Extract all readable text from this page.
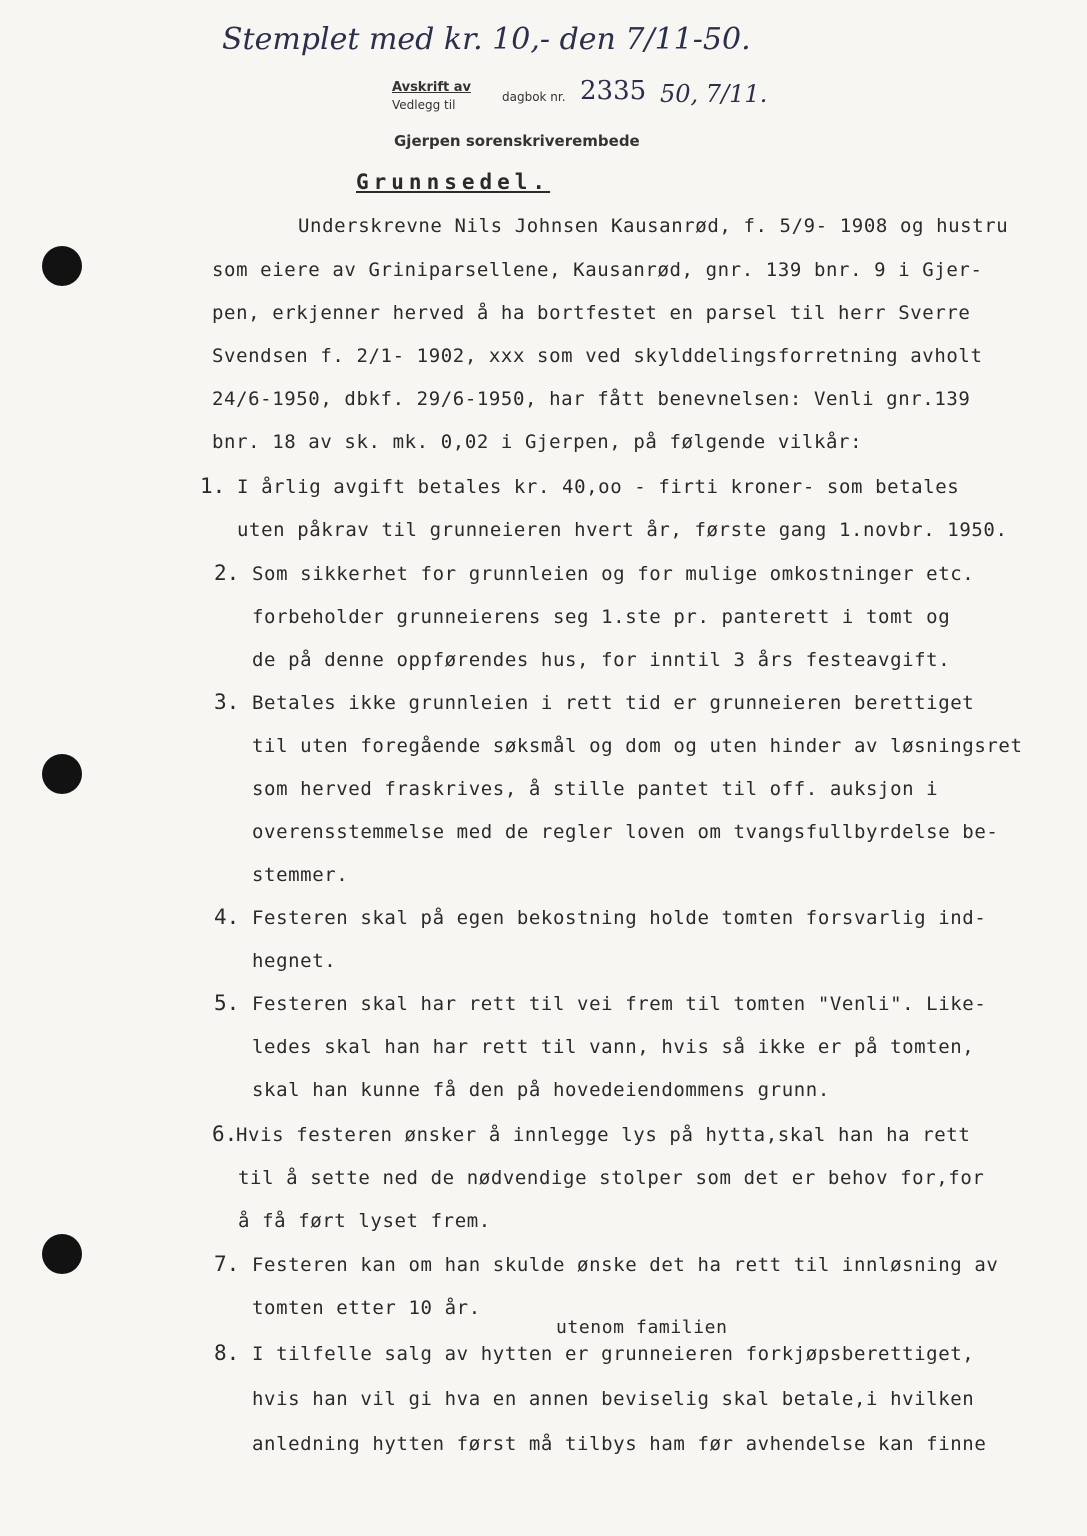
Stemplet med kr. 10,- den 7/11-50.
Avskrift av
Vedlegg til
dagbok nr. 2335 50, 7/11.
Gjerpen sorenskriverembede
Grunnsedel.
Underskrevne Nils Johnsen Kausanrød, f. 5/9- 1908 og hustru
som eiere av Griniparsellene, Kausanrød, gnr. 139 bnr. 9 i Gjer-
pen, erkjenner herved å ha bortfestet en parsel til herr Sverre
Svendsen f. 2/1- 1902, xxx som ved skylddelingsforretning avholt
24/6-1950, dbkf. 29/6-1950, har fått benevnelsen: Venli gnr.139
bnr. 18 av sk. mk. 0,02 i Gjerpen, på følgende vilkår:
1. I årlig avgift betales kr. 40,oo - firti kroner- som betales
uten påkrav til grunneieren hvert år, første gang 1.novbr. 1950.
2. Som sikkerhet for grunnleien og for mulige omkostninger etc.
forbeholder grunneierens seg 1.ste pr. panterett i tomt og
de på denne oppførendes hus, for inntil 3 års festeavgift.
3. Betales ikke grunnleien i rett tid er grunneieren berettiget
til uten foregående søksmål og dom og uten hinder av løsningsret
som herved fraskrives, å stille pantet til off. auksjon i
overensstemmelse med de regler loven om tvangsfullbyrdelse be-
stemmer.
4. Festeren skal på egen bekostning holde tomten forsvarlig ind-
hegnet.
5. Festeren skal har rett til vei frem til tomten "Venli". Like-
ledes skal han har rett til vann, hvis så ikke er på tomten,
skal han kunne få den på hovedeiendommens grunn.
6.
Hvis festeren ønsker å innlegge lys på hytta,skal han ha rett
til å sette ned de nødvendige stolper som det er behov for,for
å få ført lyset frem.
7. Festeren kan om han skulde ønske det ha rett til innløsning av
tomten etter 10 år.
utenom familien
8. I tilfelle salg av hytten er grunneieren forkjøpsberettiget,
hvis han vil gi hva en annen beviselig skal betale,i hvilken
anledning hytten først må tilbys ham før avhendelse kan finne
